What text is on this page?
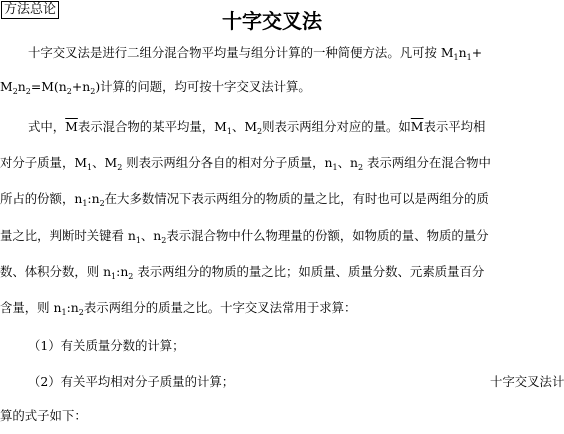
方法总论	十字交叉法
十字交叉法是进行二组分混合物平均量与组分计算的一种简便方法。凡可按 $M_1n_1+$
$M_2n_2=M(n_2+n_2)$计算的问题，均可按十字交叉法计算。
式中，$\overline{M}$表示混合物的某平均量，$M_1$、$M_2$则表示两组分对应的量。如$\overline{M}$表示平均相
对分子质量，$M_1$、$M_2$ 则表示两组分各自的相对分子质量，$n_1$、$n_2$ 表示两组分在混合物中
所占的份额，$n_1:n_2$在大多数情况下表示两组分的物质的量之比，有时也可以是两组分的质
量之比，判断时关键看 $n_1$、$n_2$表示混合物中什么物理量的份额，如物质的量、物质的量分
数、体积分数，则 $n_1:n_2$ 表示两组分的物质的量之比；如质量、质量分数、元素质量百分
含量，则 $n_1:n_2$表示两组分的质量之比。十字交叉法常用于求算：
（1）有关质量分数的计算；
（2）有关平均相对分子质量的计算；	十字交叉法计
算的式子如下：
